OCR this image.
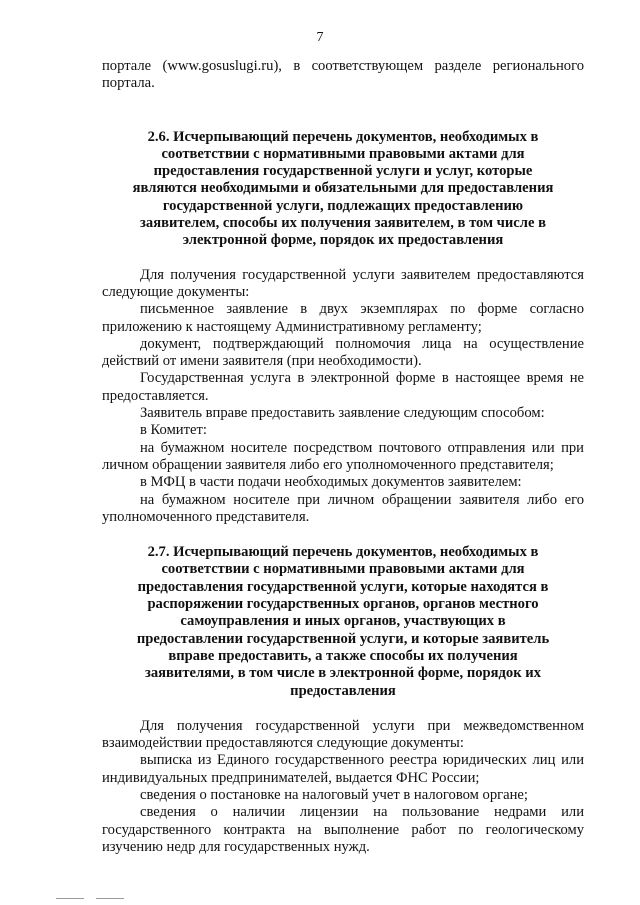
7

порталe (www.gosuslugi.ru), в соответствующем разделе регионального портала.

2.6. Исчерпывающий перечень документов, необходимых в соответствии с нормативными правовыми актами для предоставления государственной услуги и услуг, которые являются необходимыми и обязательными для предоставления государственной услуги, подлежащих предоставлению заявителем, способы их получения заявителем, в том числе в электронной форме, порядок их предоставления

Для получения государственной услуги заявителем предоставляются следующие документы:

письменное заявление в двух экземплярах по форме согласно приложению к настоящему Административному регламенту;

документ, подтверждающий полномочия лица на осуществление действий от имени заявителя (при необходимости).

Государственная услуга в электронной форме в настоящее время не предоставляется.

Заявитель вправе предоставить заявление следующим способом:

в Комитет:

на бумажном носителе посредством почтового отправления или при личном обращении заявителя либо его уполномоченного представителя;

в МФЦ в части подачи необходимых документов заявителем:

на бумажном носителе при личном обращении заявителя либо его уполномоченного представителя.

2.7. Исчерпывающий перечень документов, необходимых в соответствии с нормативными правовыми актами для предоставления государственной услуги, которые находятся в распоряжении государственных органов, органов местного самоуправления и иных органов, участвующих в предоставлении государственной услуги, и которые заявитель вправе предоставить, а также способы их получения заявителями, в том числе в электронной форме, порядок их предоставления

Для получения государственной услуги при межведомственном взаимодействии предоставляются следующие документы:

выписка из Единого государственного реестра юридических лиц или индивидуальных предпринимателей, выдается ФНС России;

сведения о постановке на налоговый учет в налоговом органе;

сведения о наличии лицензии на пользование недрами или государственного контракта на выполнение работ по геологическому изучению недр для государственных нужд.
